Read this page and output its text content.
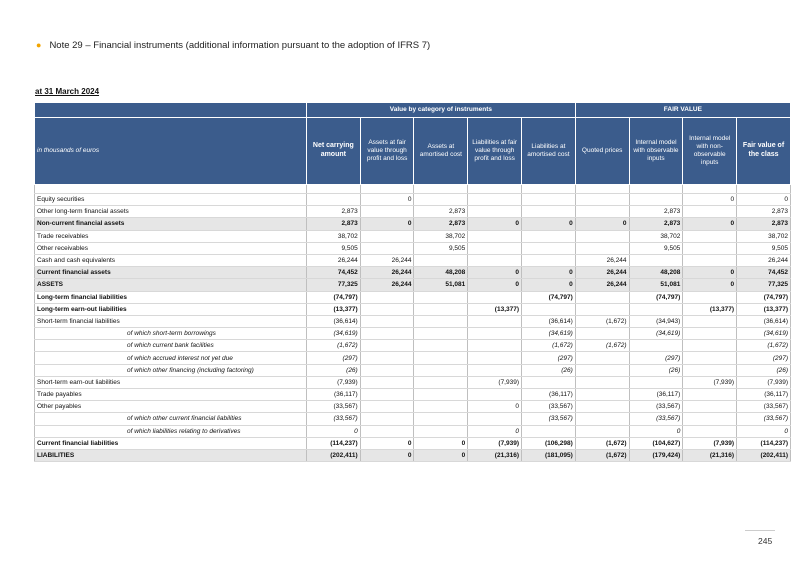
● Note 29 – Financial instruments (additional information pursuant to the adoption of IFRS 7)
at 31 March 2024
	Value by category of instruments					FAIR VALUE			
in thousands of euros	Net carrying amount	Assets at fair value through profit and loss	Assets at amortised cost	Liabilities at fair value through profit and loss	Liabilities at amortised cost	Quoted prices	Internal model with observable inputs	Internal model with non-observable inputs	Fair value of the class

Equity securities		0						0	0
Other long-term financial assets	2,873		2,873				2,873		2,873
Non-current financial assets	2,873	0	2,873	0	0	0	2,873	0	2,873
Trade receivables	38,702		38,702				38,702		38,702
Other receivables	9,505		9,505				9,505		9,505
Cash and cash equivalents	26,244	26,244				26,244			26,244
Current financial assets	74,452	26,244	48,208	0	0	26,244	48,208	0	74,452
ASSETS	77,325	26,244	51,081	0	0	26,244	51,081	0	77,325
Long-term financial liabilities	(74,797)				(74,797)		(74,797)		(74,797)
Long-term earn-out liabilities	(13,377)			(13,377)				(13,377)	(13,377)
Short-term financial liabilities	(36,614)				(36,614)	(1,672)	(34,943)		(36,614)
of which short-term borrowings	(34,619)				(34,619)		(34,619)		(34,619)
of which current bank facilities	(1,672)				(1,672)	(1,672)			(1,672)
of which accrued interest not yet due	(297)				(297)		(297)		(297)
of which other financing (including factoring)	(26)				(26)		(26)		(26)
Short-term earn-out liabilities	(7,939)			(7,939)				(7,939)	(7,939)
Trade payables	(36,117)				(36,117)		(36,117)		(36,117)
Other payables	(33,567)			0	(33,567)		(33,567)		(33,567)
of which other current financial liabilities	(33,567)				(33,567)		(33,567)		(33,567)
of which liabilities relating to derivatives	0			0			0		0
Current financial liabilities	(114,237)	0	0	(7,939)	(106,298)	(1,672)	(104,627)	(7,939)	(114,237)
LIABILITIES	(202,411)	0	0	(21,316)	(181,095)	(1,672)	(179,424)	(21,316)	(202,411)
245
